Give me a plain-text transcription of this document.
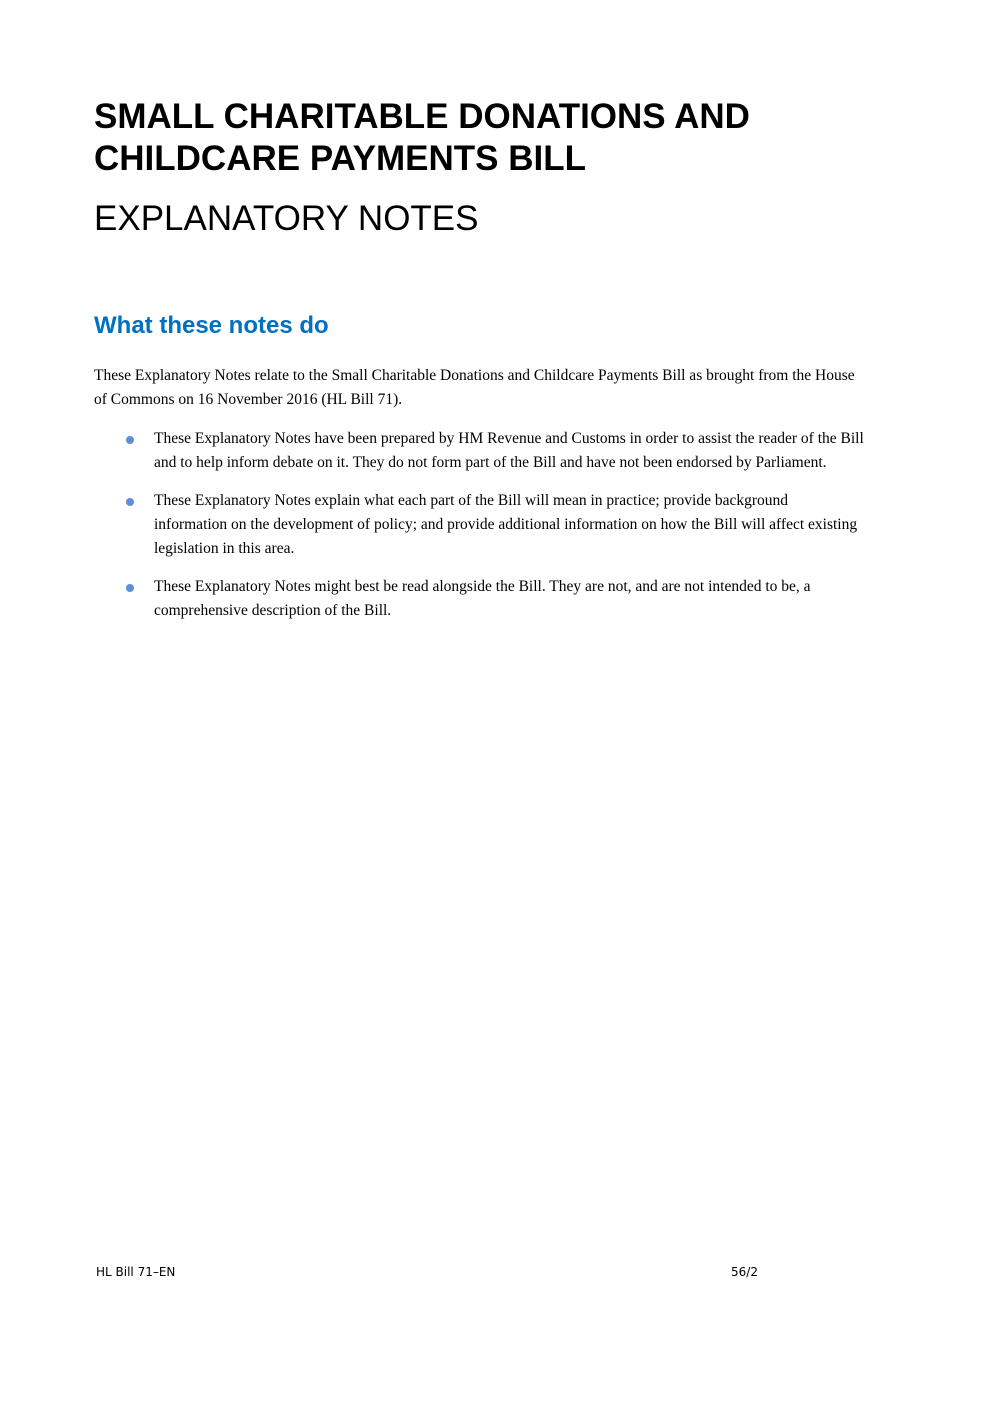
SMALL CHARITABLE DONATIONS AND CHILDCARE PAYMENTS BILL
EXPLANATORY NOTES
What these notes do

These Explanatory Notes relate to the Small Charitable Donations and Childcare Payments Bill as brought from the House of Commons on 16 November 2016 (HL Bill 71).

These Explanatory Notes have been prepared by HM Revenue and Customs in order to assist the reader of the Bill and to help inform debate on it. They do not form part of the Bill and have not been endorsed by Parliament.
These Explanatory Notes explain what each part of the Bill will mean in practice; provide background information on the development of policy; and provide additional information on how the Bill will affect existing legislation in this area.
These Explanatory Notes might best be read alongside the Bill. They are not, and are not intended to be, a comprehensive description of the Bill.
HL Bill 71–EN	56/2
